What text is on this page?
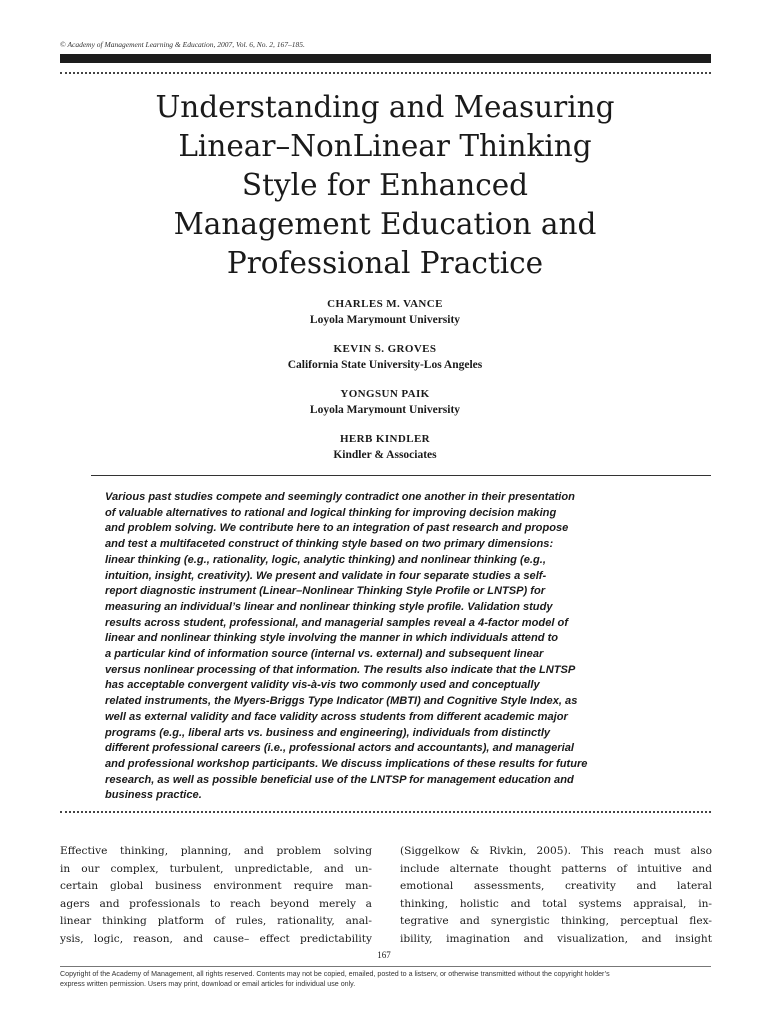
© Academy of Management Learning & Education, 2007, Vol. 6, No. 2, 167–185.
Understanding and Measuring
Linear–NonLinear Thinking
Style for Enhanced
Management Education and
Professional Practice
CHARLES M. VANCE
Loyola Marymount University
KEVIN S. GROVES
California State University-Los Angeles
YONGSUN PAIK
Loyola Marymount University
HERB KINDLER
Kindler & Associates
Various past studies compete and seemingly contradict one another in their presentation
of valuable alternatives to rational and logical thinking for improving decision making
and problem solving. We contribute here to an integration of past research and propose
and test a multifaceted construct of thinking style based on two primary dimensions:
linear thinking (e.g., rationality, logic, analytic thinking) and nonlinear thinking (e.g.,
intuition, insight, creativity). We present and validate in four separate studies a self-
report diagnostic instrument (Linear–Nonlinear Thinking Style Profile or LNTSP) for
measuring an individual’s linear and nonlinear thinking style profile. Validation study
results across student, professional, and managerial samples reveal a 4-factor model of
linear and nonlinear thinking style involving the manner in which individuals attend to
a particular kind of information source (internal vs. external) and subsequent linear
versus nonlinear processing of that information. The results also indicate that the LNTSP
has acceptable convergent validity vis-à-vis two commonly used and conceptually
related instruments, the Myers-Briggs Type Indicator (MBTI) and Cognitive Style Index, as
well as external validity and face validity across students from different academic major
programs (e.g., liberal arts vs. business and engineering), individuals from distinctly
different professional careers (i.e., professional actors and accountants), and managerial
and professional workshop participants. We discuss implications of these results for future
research, as well as possible beneficial use of the LNTSP for management education and
business practice.
Effective thinking, planning, and problem solving
in our complex, turbulent, unpredictable, and un-
certain global business environment require man-
agers and professionals to reach beyond merely a
linear thinking platform of rules, rationality, anal-
ysis, logic, reason, and cause– effect predictability
(Siggelkow & Rivkin, 2005). This reach must also
include alternate thought patterns of intuitive and
emotional assessments, creativity and lateral
thinking, holistic and total systems appraisal, in-
tegrative and synergistic thinking, perceptual flex-
ibility, imagination and visualization, and insight
167
Copyright of the Academy of Management, all rights reserved. Contents may not be copied, emailed, posted to a listserv, or otherwise transmitted without the copyright holder’s
express written permission. Users may print, download or email articles for individual use only.
